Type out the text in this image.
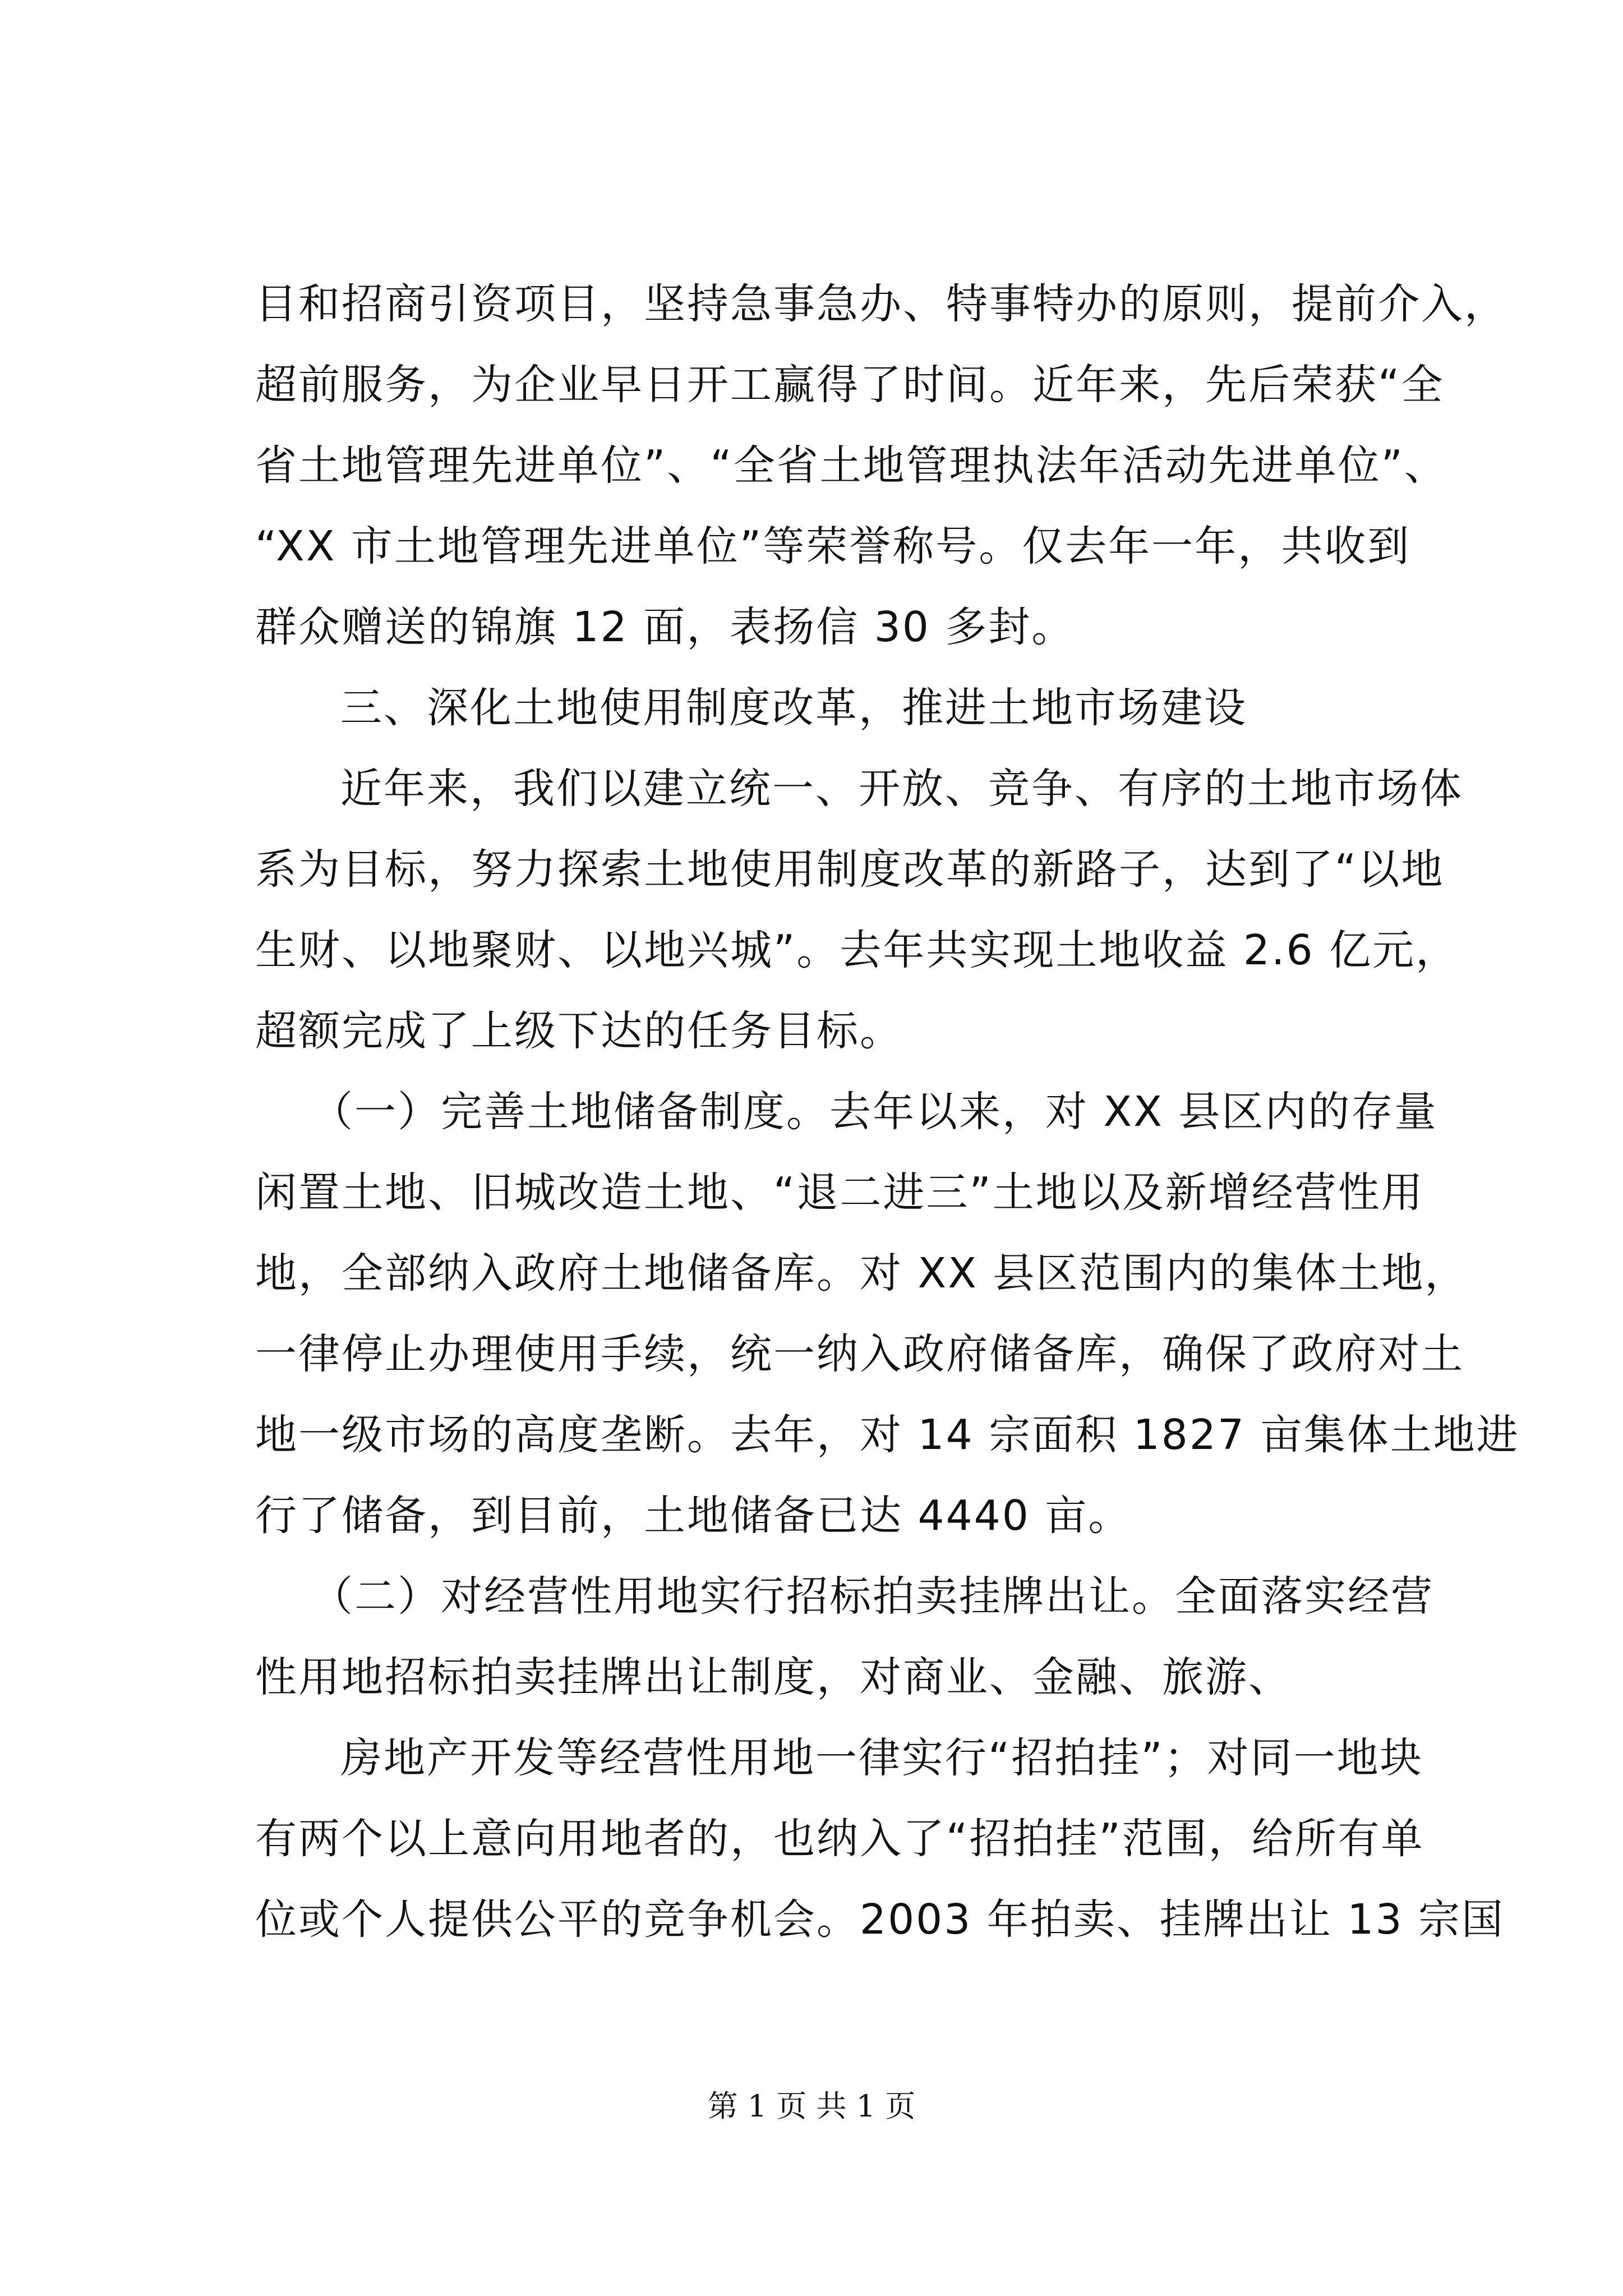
目和招商引资项目，坚持急事急办、特事特办的原则，提前介入，
超前服务，为企业早日开工赢得了时间。近年来，先后荣获“全
省土地管理先进单位”、“全省土地管理执法年活动先进单位”、
“XX 市土地管理先进单位”等荣誉称号。仅去年一年，共收到
群众赠送的锦旗 12 面，表扬信 30 多封。
三、深化土地使用制度改革，推进土地市场建设
近年来，我们以建立统一、开放、竞争、有序的土地市场体
系为目标，努力探索土地使用制度改革的新路子，达到了“以地
生财、以地聚财、以地兴城”。去年共实现土地收益 2.6 亿元，
超额完成了上级下达的任务目标。
（一）完善土地储备制度。去年以来，对 XX 县区内的存量
闲置土地、旧城改造土地、“退二进三”土地以及新增经营性用
地，全部纳入政府土地储备库。对 XX 县区范围内的集体土地，
一律停止办理使用手续，统一纳入政府储备库，确保了政府对土
地一级市场的高度垄断。去年，对 14 宗面积 1827 亩集体土地进
行了储备，到目前，土地储备已达 4440 亩。
（二）对经营性用地实行招标拍卖挂牌出让。全面落实经营
性用地招标拍卖挂牌出让制度，对商业、金融、旅游、
房地产开发等经营性用地一律实行“招拍挂”；对同一地块
有两个以上意向用地者的，也纳入了“招拍挂”范围，给所有单
位或个人提供公平的竞争机会。2003 年拍卖、挂牌出让 13 宗国
第 1 页 共 1 页
